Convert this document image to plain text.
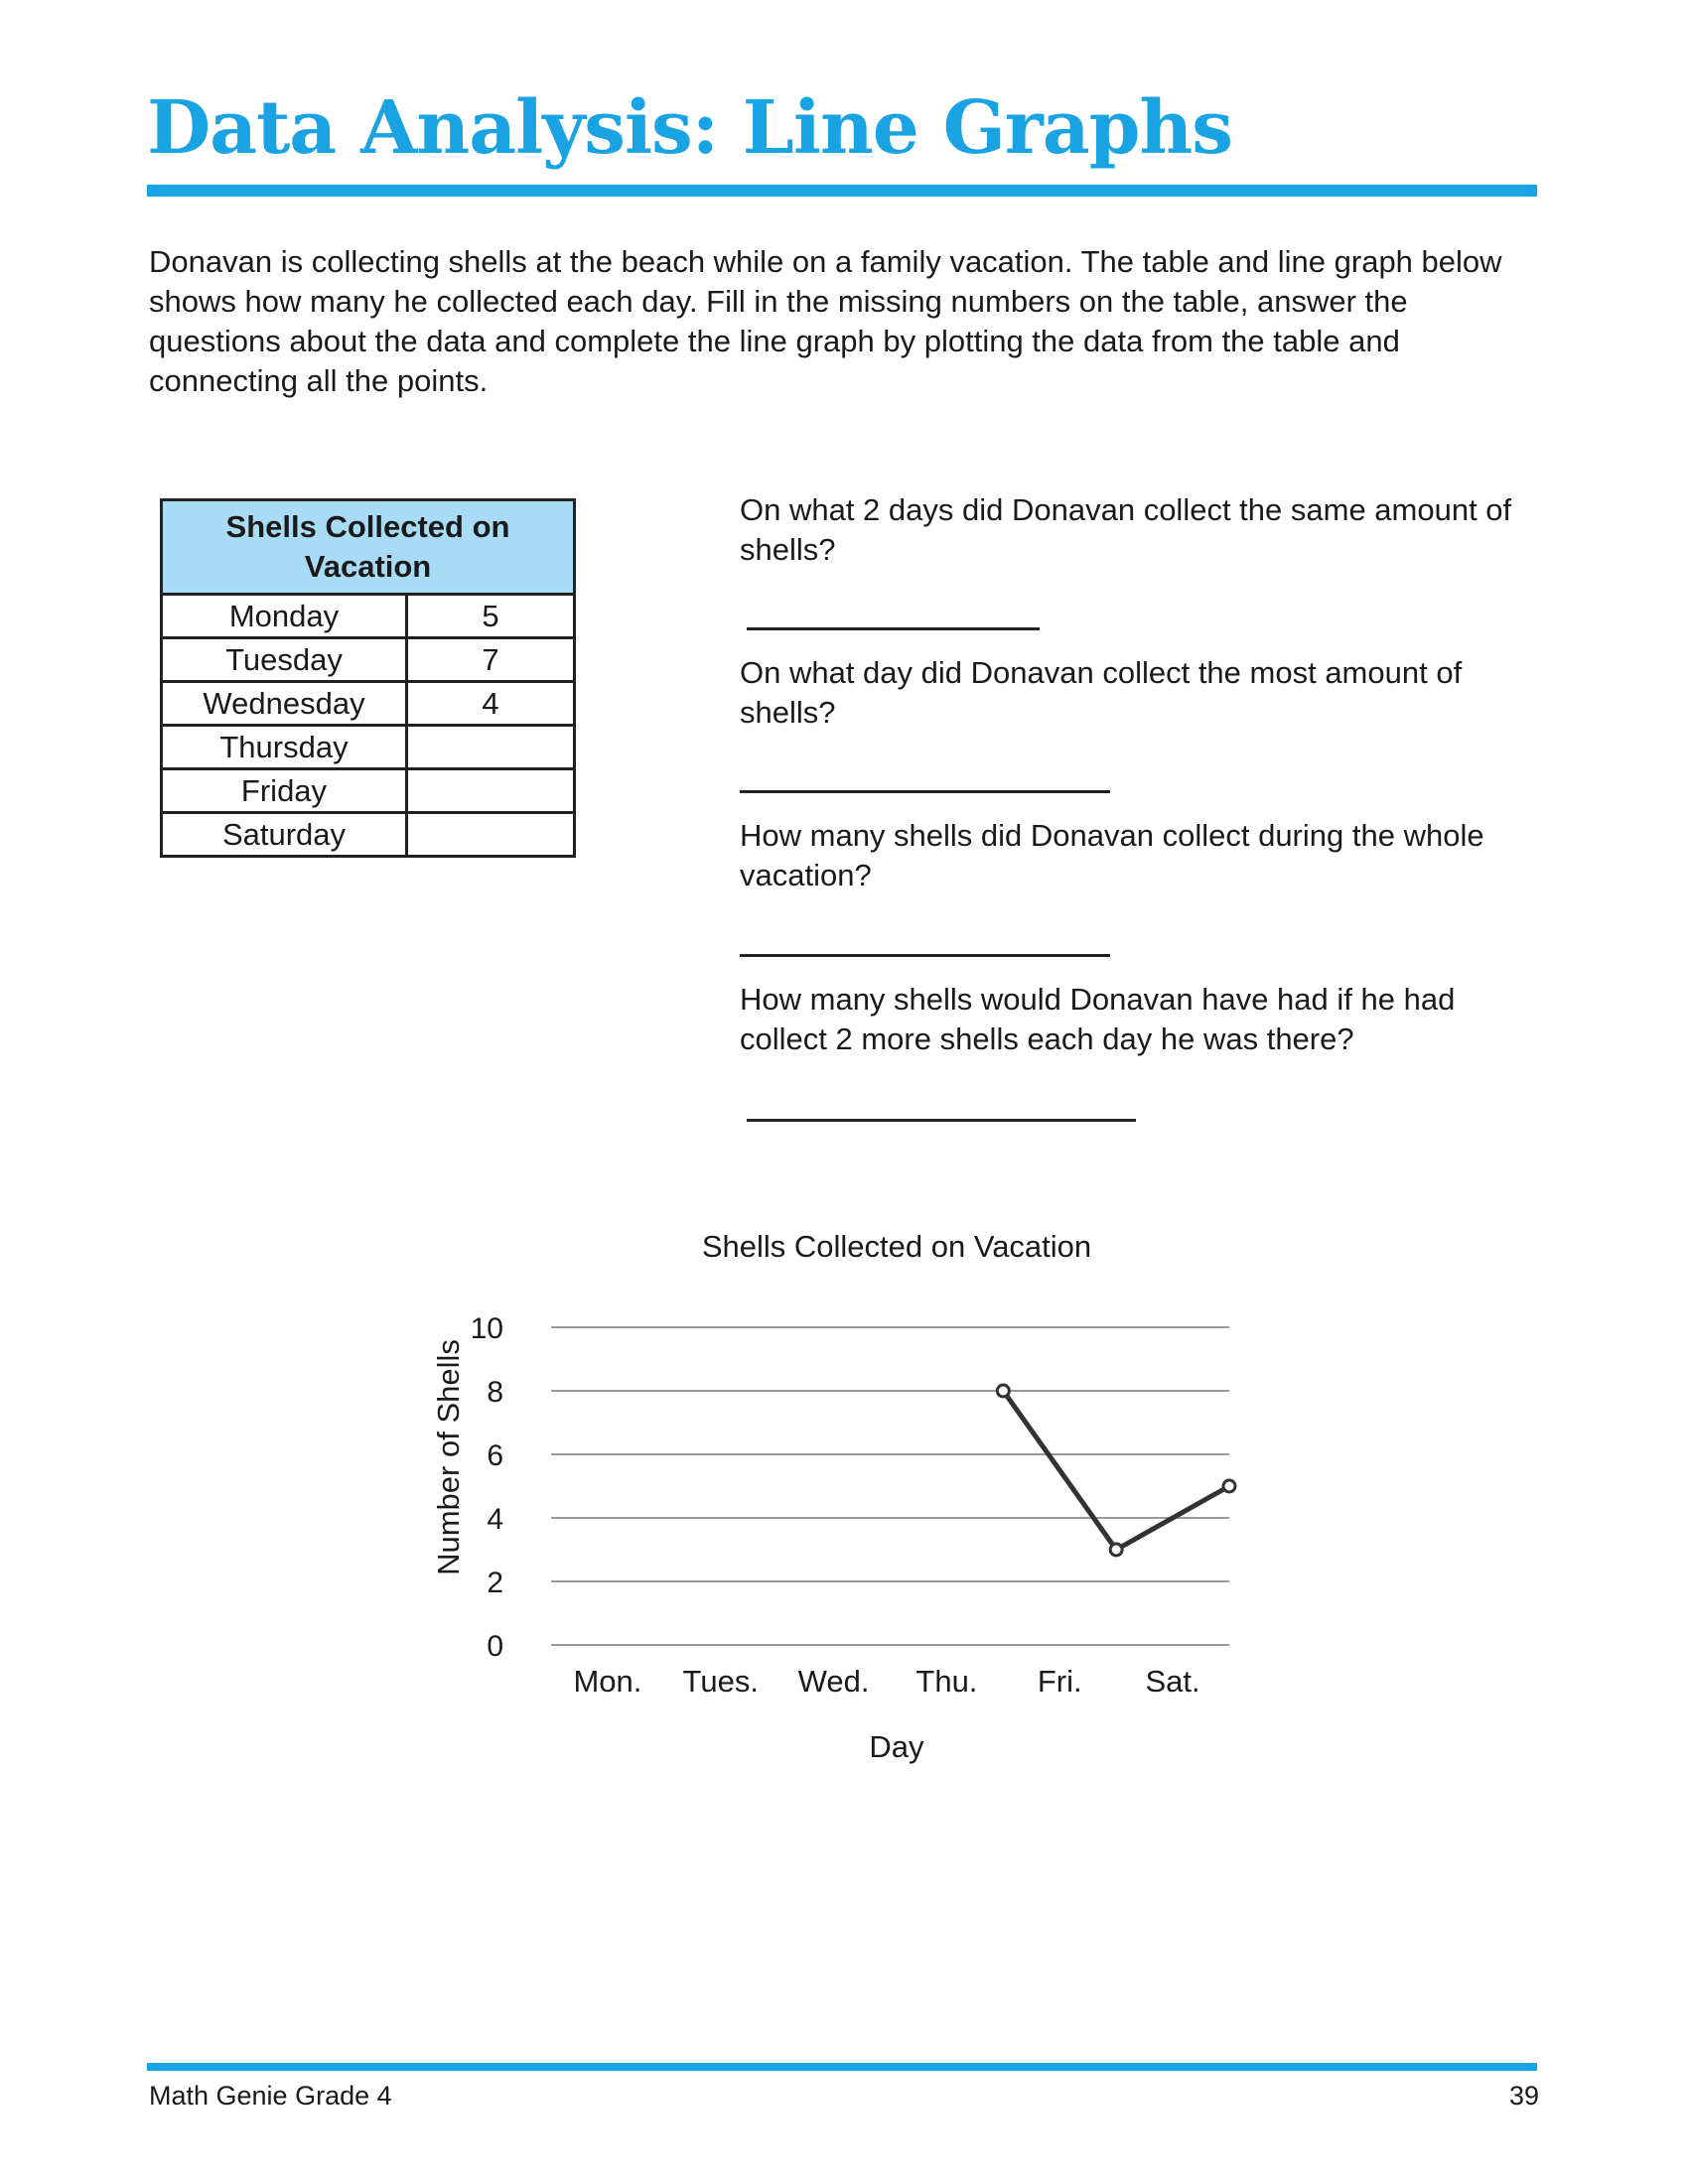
Data Analysis: Line Graphs

Donavan is collecting shells at the beach while on a family vacation. The table and line graph below shows how many he collected each day. Fill in the missing numbers on the table, answer the questions about the data and complete the line graph by plotting the data from the table and connecting all the points.

Shells Collected on Vacation	
Monday	5
Tuesday	7
Wednesday	4
Thursday	
Friday	
Saturday	

On what 2 days did Donavan collect the same amount of shells?

On what day did Donavan collect the most amount of shells?

How many shells did Donavan collect during the whole vacation?

How many shells would Donavan have had if he had collect 2 more shells each day he was there?

Shells Collected on Vacation
Number of Shells
Day
0
2
4
6
8
10
Mon. Tues. Wed. Thu. Fri. Sat.
Math Genie Grade 4	39
